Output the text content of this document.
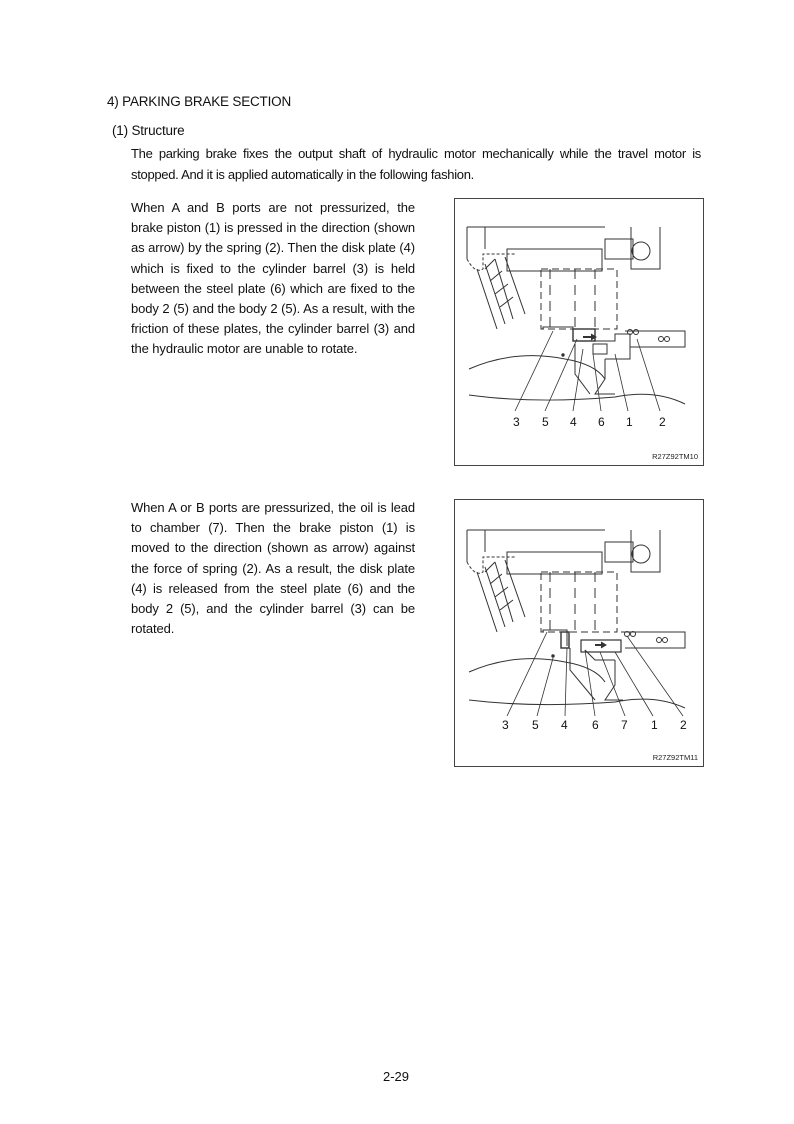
4) PARKING BRAKE SECTION
(1) Structure
The parking brake fixes the output shaft of hydraulic motor mechanically while the travel motor is stopped. And it is applied automatically in the following fashion.
When A and B ports are not pressurized, the brake piston (1) is pressed in the direction (shown as arrow) by the spring (2). Then the disk plate (4) which is fixed to the cylinder barrel (3) is held between the steel plate (6) which are fixed to the body 2 (5) and the body 2 (5). As a result, with the friction of these plates, the cylinder barrel (3) and the hydraulic motor are unable to rotate.
When A or B ports are pressurized, the oil is lead to chamber (7). Then the brake piston (1) is moved to the direction (shown as arrow) against the force of spring (2). As a result, the disk plate (4) is released from the steel plate (6) and the body 2 (5), and the cylinder barrel (3) can be rotated.
3 5 4 6 1 2
R27Z92TM10
3 5 4 6 7 1 2
R27Z92TM11
2-29
